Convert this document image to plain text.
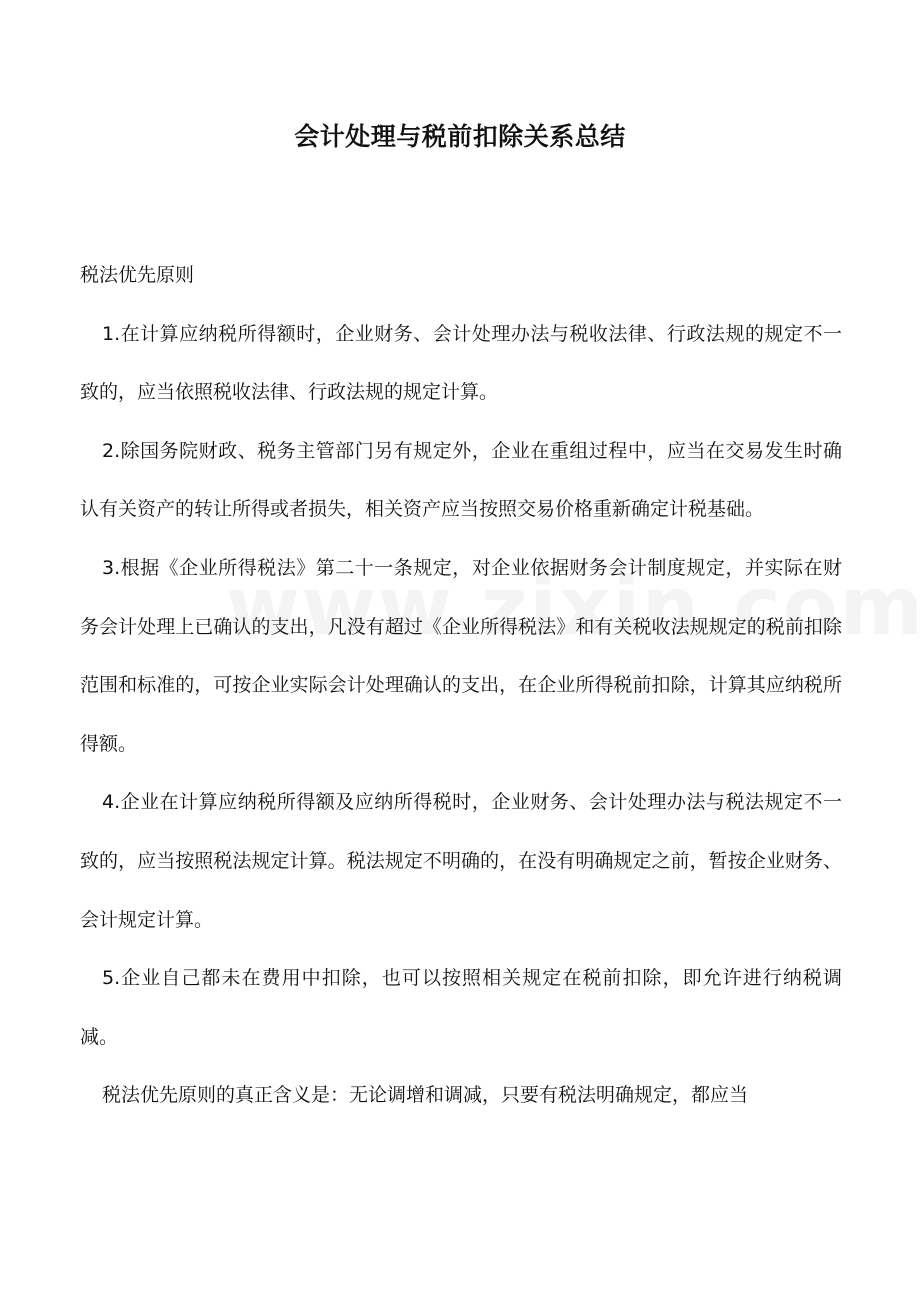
会计处理与税前扣除关系总结

税法优先原则

1.在计算应纳税所得额时，企业财务、会计处理办法与税收法律、行政法规的规定不一致的，应当依照税收法律、行政法规的规定计算。

2.除国务院财政、税务主管部门另有规定外，企业在重组过程中，应当在交易发生时确认有关资产的转让所得或者损失，相关资产应当按照交易价格重新确定计税基础。

3.根据《企业所得税法》第二十一条规定，对企业依据财务会计制度规定，并实际在财务会计处理上已确认的支出，凡没有超过《企业所得税法》和有关税收法规规定的税前扣除范围和标准的，可按企业实际会计处理确认的支出，在企业所得税前扣除，计算其应纳税所得额。

4.企业在计算应纳税所得额及应纳所得税时，企业财务、会计处理办法与税法规定不一致的，应当按照税法规定计算。税法规定不明确的，在没有明确规定之前，暂按企业财务、会计规定计算。

5.企业自己都未在费用中扣除，也可以按照相关规定在税前扣除，即允许进行纳税调减。

税法优先原则的真正含义是：无论调增和调减，只要有税法明确规定，都应当
